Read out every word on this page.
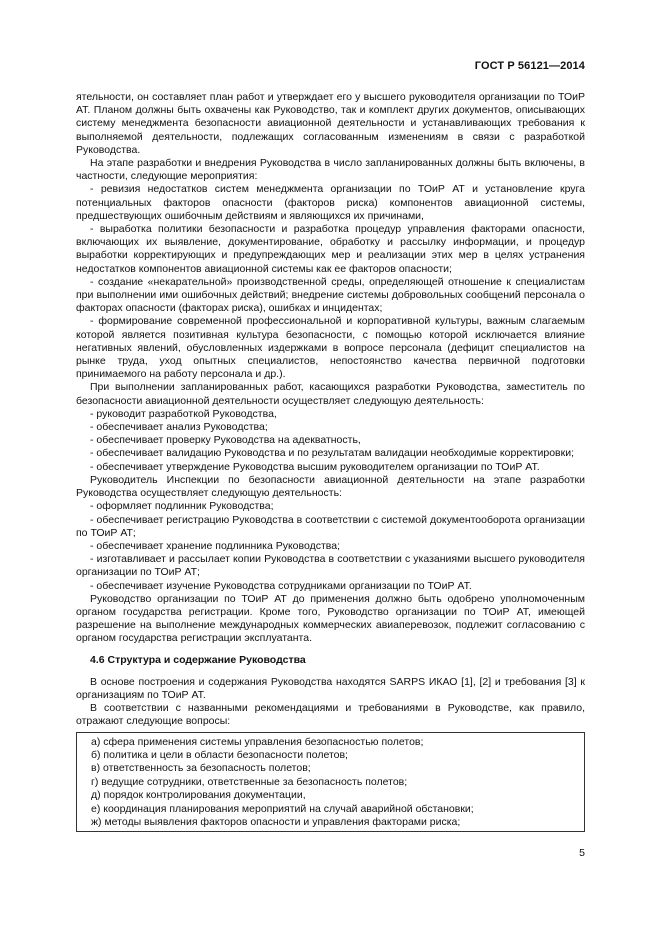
ГОСТ Р 56121—2014

ятельности, он составляет план работ и утверждает его у высшего руководителя организации по ТОиР АТ. Планом должны быть охвачены как Руководство, так и комплект других документов, описывающих систему менеджмента безопасности авиационной деятельности и устанавливающих требования к выполняемой деятельности, подлежащих согласованным изменениям в связи с разработкой Руководства.

На этапе разработки и внедрения Руководства в число запланированных должны быть включены, в частности, следующие мероприятия:

- ревизия недостатков систем менеджмента организации по ТОиР АТ и установление круга потенциальных факторов опасности (факторов риска) компонентов авиационной системы, предшествующих ошибочным действиям и являющихся их причинами,

- выработка политики безопасности и разработка процедур управления факторами опасности, включающих их выявление, документирование, обработку и рассылку информации, и процедур выработки корректирующих и предупреждающих мер и реализации этих мер в целях устранения недостатков компонентов авиационной системы как ее факторов опасности;

- создание «некарательной» производственной среды, определяющей отношение к специалистам при выполнении ими ошибочных действий; внедрение системы добровольных сообщений персонала о факторах опасности (факторах риска), ошибках и инцидентах;

- формирование современной профессиональной и корпоративной культуры, важным слагаемым которой является позитивная культура безопасности, с помощью которой исключается влияние негативных явлений, обусловленных издержками в вопросе персонала (дефицит специалистов на рынке труда, уход опытных специалистов, непостоянство качества первичной подготовки принимаемого на работу персонала и др.).

При выполнении запланированных работ, касающихся разработки Руководства, заместитель по безопасности авиационной деятельности осуществляет следующую деятельность:

- руководит разработкой Руководства,

- обеспечивает анализ Руководства;

- обеспечивает проверку Руководства на адекватность,

- обеспечивает валидацию Руководства и по результатам валидации необходимые корректировки;

- обеспечивает утверждение Руководства высшим руководителем организации по ТОиР АТ.

Руководитель Инспекции по безопасности авиационной деятельности на этапе разработки Руководства осуществляет следующую деятельность:

- оформляет подлинник Руководства;

- обеспечивает регистрацию Руководства в соответствии с системой документооборота организации по ТОиР АТ;

- обеспечивает хранение подлинника Руководства;

- изготавливает и рассылает копии Руководства в соответствии с указаниями высшего руководителя организации по ТОиР АТ;

- обеспечивает изучение Руководства сотрудниками организации по ТОиР АТ.

Руководство организации по ТОиР АТ до применения должно быть одобрено уполномоченным органом государства регистрации. Кроме того, Руководство организации по ТОиР АТ, имеющей разрешение на выполнение международных коммерческих авиаперевозок, подлежит согласованию с органом государства регистрации эксплуатанта.

4.6 Структура и содержание Руководства

В основе построения и содержания Руководства находятся SARPS ИКАО [1], [2] и требования [3] к организациям по ТОиР АТ.

В соответствии с названными рекомендациями и требованиями в Руководстве, как правило, отражают следующие вопросы:

а) сфера применения системы управления безопасностью полетов;
б) политика и цели в области безопасности полетов;
в) ответственность за безопасность полетов;
г) ведущие сотрудники, ответственные за безопасность полетов;
д) порядок контролирования документации,
е) координация планирования мероприятий на случай аварийной обстановки;
ж) методы выявления факторов опасности и управления факторами риска;
5
